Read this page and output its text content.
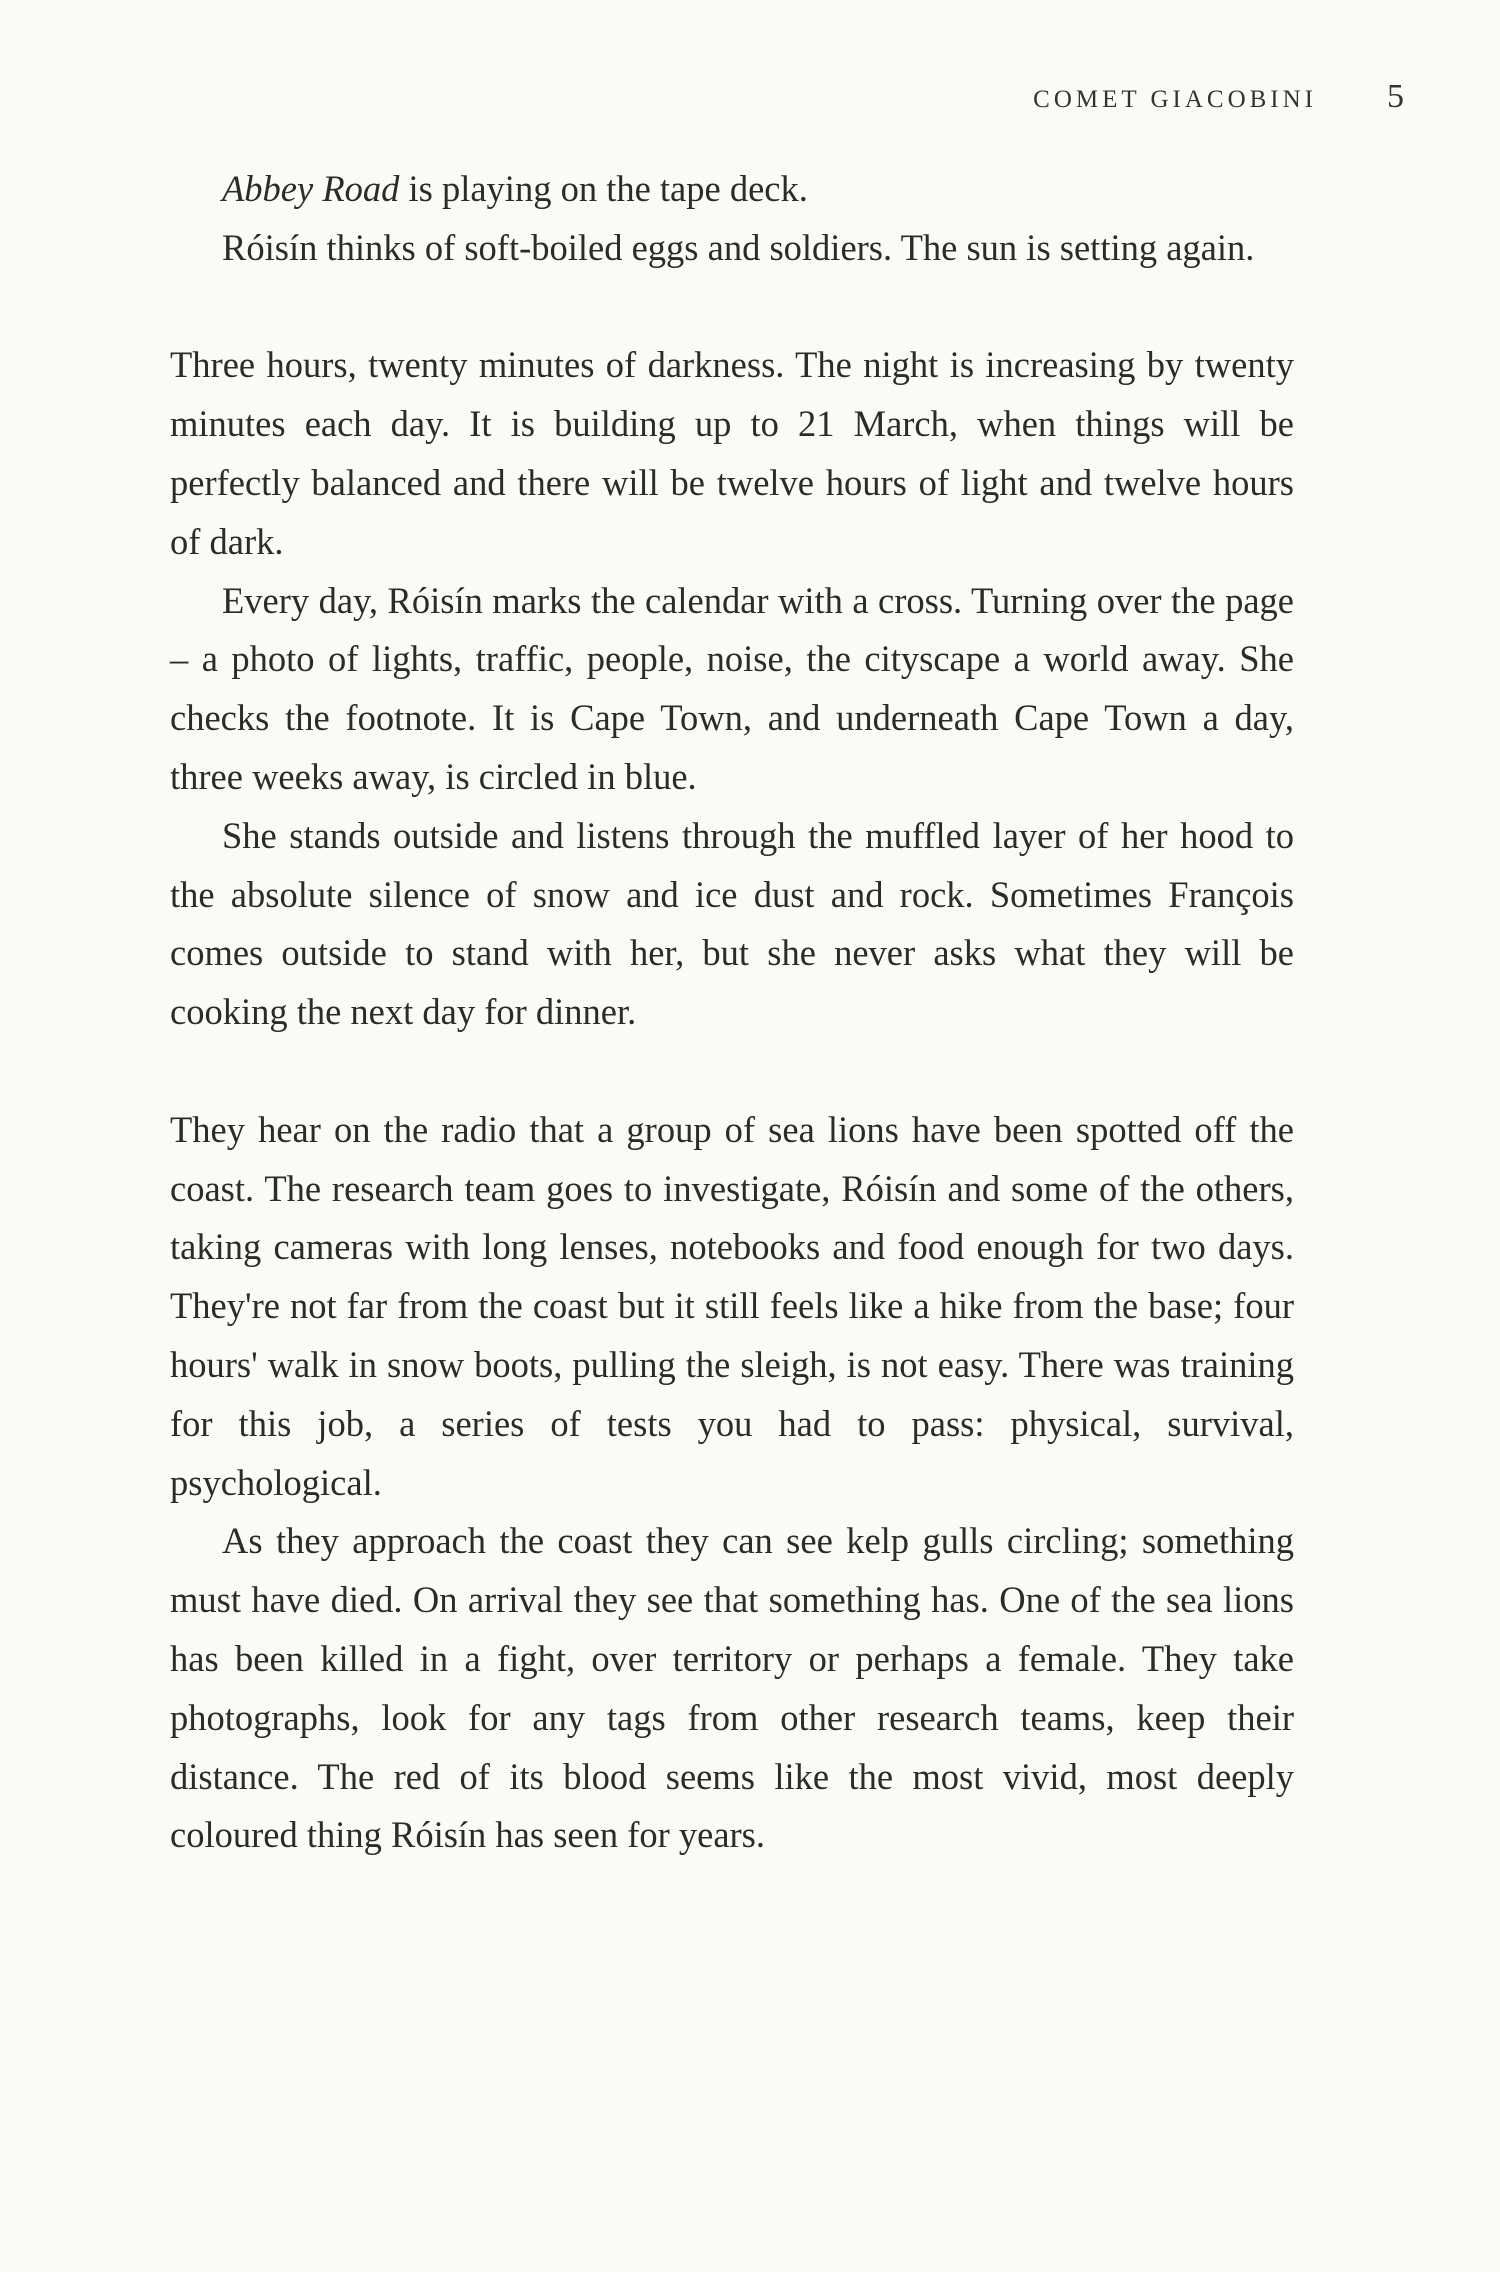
COMET GIACOBINI 5

Abbey Road is playing on the tape deck.

Róisín thinks of soft-boiled eggs and soldiers. The sun is setting again.

Three hours, twenty minutes of darkness. The night is increasing by twenty minutes each day. It is building up to 21 March, when things will be perfectly balanced and there will be twelve hours of light and twelve hours of dark.

Every day, Róisín marks the calendar with a cross. Turning over the page – a photo of lights, traffic, people, noise, the cityscape a world away. She checks the footnote. It is Cape Town, and underneath Cape Town a day, three weeks away, is circled in blue.

She stands outside and listens through the muffled layer of her hood to the absolute silence of snow and ice dust and rock. Sometimes François comes outside to stand with her, but she never asks what they will be cooking the next day for dinner.

They hear on the radio that a group of sea lions have been spotted off the coast. The research team goes to investigate, Róisín and some of the others, taking cameras with long lenses, notebooks and food enough for two days. They're not far from the coast but it still feels like a hike from the base; four hours' walk in snow boots, pulling the sleigh, is not easy. There was training for this job, a series of tests you had to pass: physical, survival, psychological.

As they approach the coast they can see kelp gulls circling; something must have died. On arrival they see that something has. One of the sea lions has been killed in a fight, over territory or perhaps a female. They take photographs, look for any tags from other research teams, keep their distance. The red of its blood seems like the most vivid, most deeply coloured thing Róisín has seen for years.
